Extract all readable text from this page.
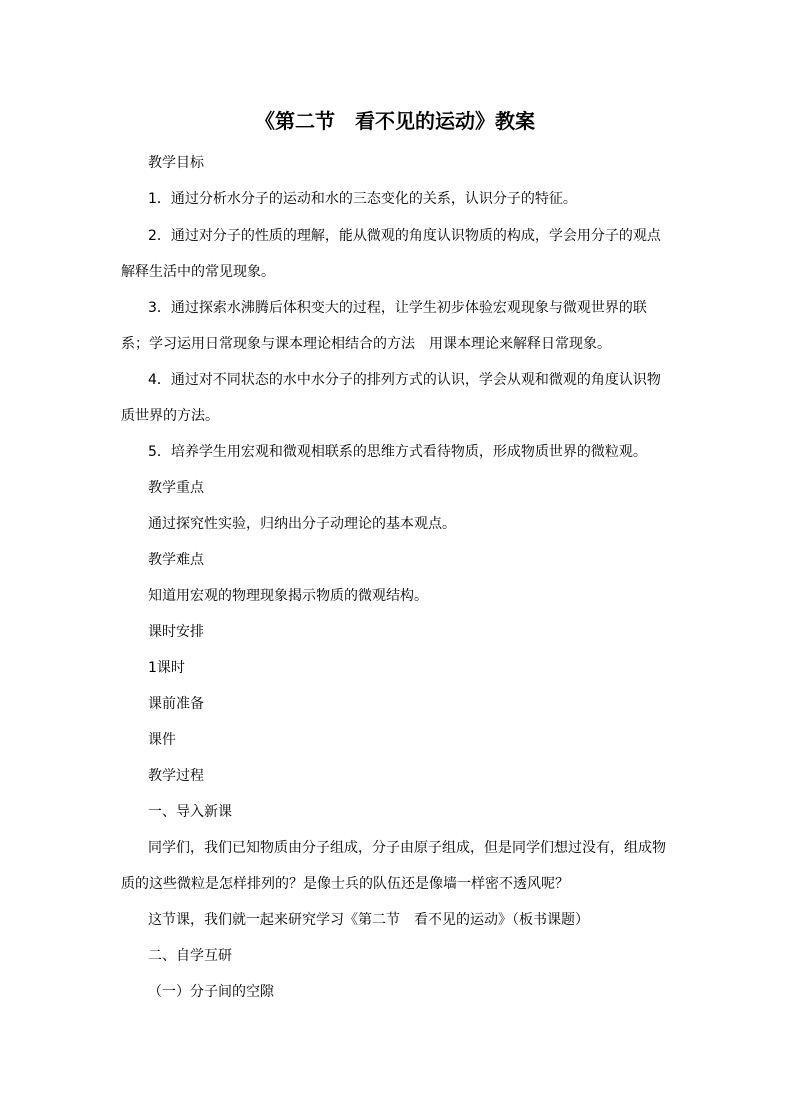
《第二节　看不见的运动》教案
教学目标
1．通过分析水分子的运动和水的三态变化的关系，认识分子的特征。
2．通过对分子的性质的理解，能从微观的角度认识物质的构成，学会用分子的观点
解释生活中的常见现象。
3．通过探索水沸腾后体积变大的过程，让学生初步体验宏观现象与微观世界的联
系；学习运用日常现象与课本理论相结合的方法　用课本理论来解释日常现象。
4．通过对不同状态的水中水分子的排列方式的认识，学会从观和微观的角度认识物
质世界的方法。
5．培养学生用宏观和微观相联系的思维方式看待物质，形成物质世界的微粒观。
教学重点
通过探究性实验，归纳出分子动理论的基本观点。
教学难点
知道用宏观的物理现象揭示物质的微观结构。
课时安排
1课时
课前准备
课件
教学过程
一、导入新课
同学们，我们已知物质由分子组成，分子由原子组成，但是同学们想过没有，组成物
质的这些微粒是怎样排列的？是像士兵的队伍还是像墙一样密不透风呢？
这节课，我们就一起来研究学习《第二节　看不见的运动》（板书课题）
二、自学互研
（一）分子间的空隙
